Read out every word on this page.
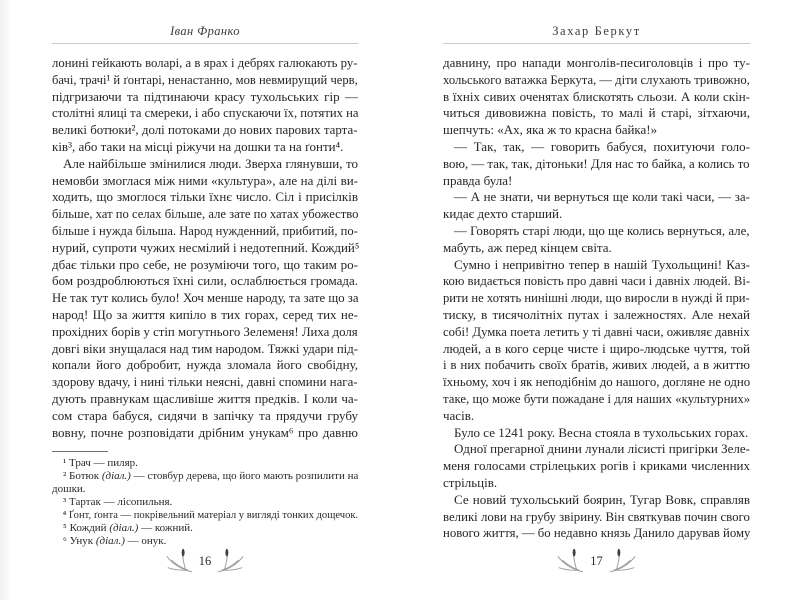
Іван Франко
лонині гейкають воларі, а в ярах і дебрях галюкають ру-
бачі, трачі¹ й ґонтарі, ненастанно, мов невмирущий черв,
підгризаючи та підтинаючи красу тухольських гір —
столітні ялиці та смереки, і або спускаючи їх, потятих на
великі ботюки², долі потоками до нових парових тарта-
ків³, або таки на місці ріжучи на дошки та на ґонти⁴.
Але найбільше змінилися люди. Зверха глянувши, то
немовби змоглася між ними «культура», але на ділі ви-
ходить, що змоглося тільки їхнє число. Сіл і присілків
більше, хат по селах більше, але зате по хатах убожество
більше і нужда більша. Народ нужденний, прибитий, по-
нурий, супроти чужих несмілий і недотепний. Кождий⁵
дбає тільки про себе, не розуміючи того, що таким ро-
бом роздроблюються їхні сили, ослаблюється громада.
Не так тут колись було! Хоч менше народу, та зате що за
народ! Що за життя кипіло в тих горах, серед тих не-
прохідних борів у стіп могутнього Зелеменя! Лиха доля
довгі віки знущалася над тим народом. Тяжкі удари під-
копали його добробит, нужда зломала його свобідну,
здорову вдачу, і нині тільки неясні, давні спомини нага-
дують правнукам щасливіше життя предків. І коли ча-
сом стара бабуся, сидячи в запічку та прядучи грубу
вовну, почне розповідати дрібним унукам⁶ про давню
¹ Трач — пиляр.
² Ботюк (діал.) — стовбур дерева, що його мають розпилити на
дошки.
³ Тартак — лісопильня.
⁴ Ґонт, ґонта — покрівельний матеріал у вигляді тонких дощечок.
⁵ Кождий (діал.) — кожний.
⁶ Унук (діал.) — онук.
16
Захар Беркут
давнину, про напади монголів-песиголовців і про ту-
хольського ватажка Беркута, — діти слухають тривожно,
в їхніх сивих оченятах блискотять сльози. А коли скін-
читься дивовижна повість, то малі й старі, зітхаючи,
шепчуть: «Ах, яка ж то красна байка!»
— Так, так, — говорить бабуся, похитуючи голо-
вою, — так, так, дітоньки! Для нас то байка, а колись то
правда була!
— А не знати, чи вернуться ще коли такі часи, — за-
кидає дехто старший.
— Говорять старі люди, що ще колись вернуться, але,
мабуть, аж перед кінцем світа.
Сумно і непривітно тепер в нашій Тухольщині! Каз-
кою видається повість про давні часи і давніх людей. Ві-
рити не хотять нинішні люди, що виросли в нужді й при-
тиску, в тисячолітніх путах і залежностях. Але нехай
собі! Думка поета летить у ті давні часи, оживляє давніх
людей, а в кого серце чисте і щиро-людське чуття, той
і в них побачить своїх братів, живих людей, а в життю
їхньому, хоч і як неподібнім до нашого, догляне не одно
таке, що може бути пожадане і для наших «культурних»
часів.
Було се 1241 року. Весна стояла в тухольських горах.
Одної прегарної днини лунали лісисті пригірки Зеле-
меня голосами стрілецьких рогів і криками численних
стрільців.
Се новий тухольський боярин, Тугар Вовк, справляв
великі лови на грубу звірину. Він святкував почин свого
нового життя, — бо недавно князь Данило дарував йому
17
